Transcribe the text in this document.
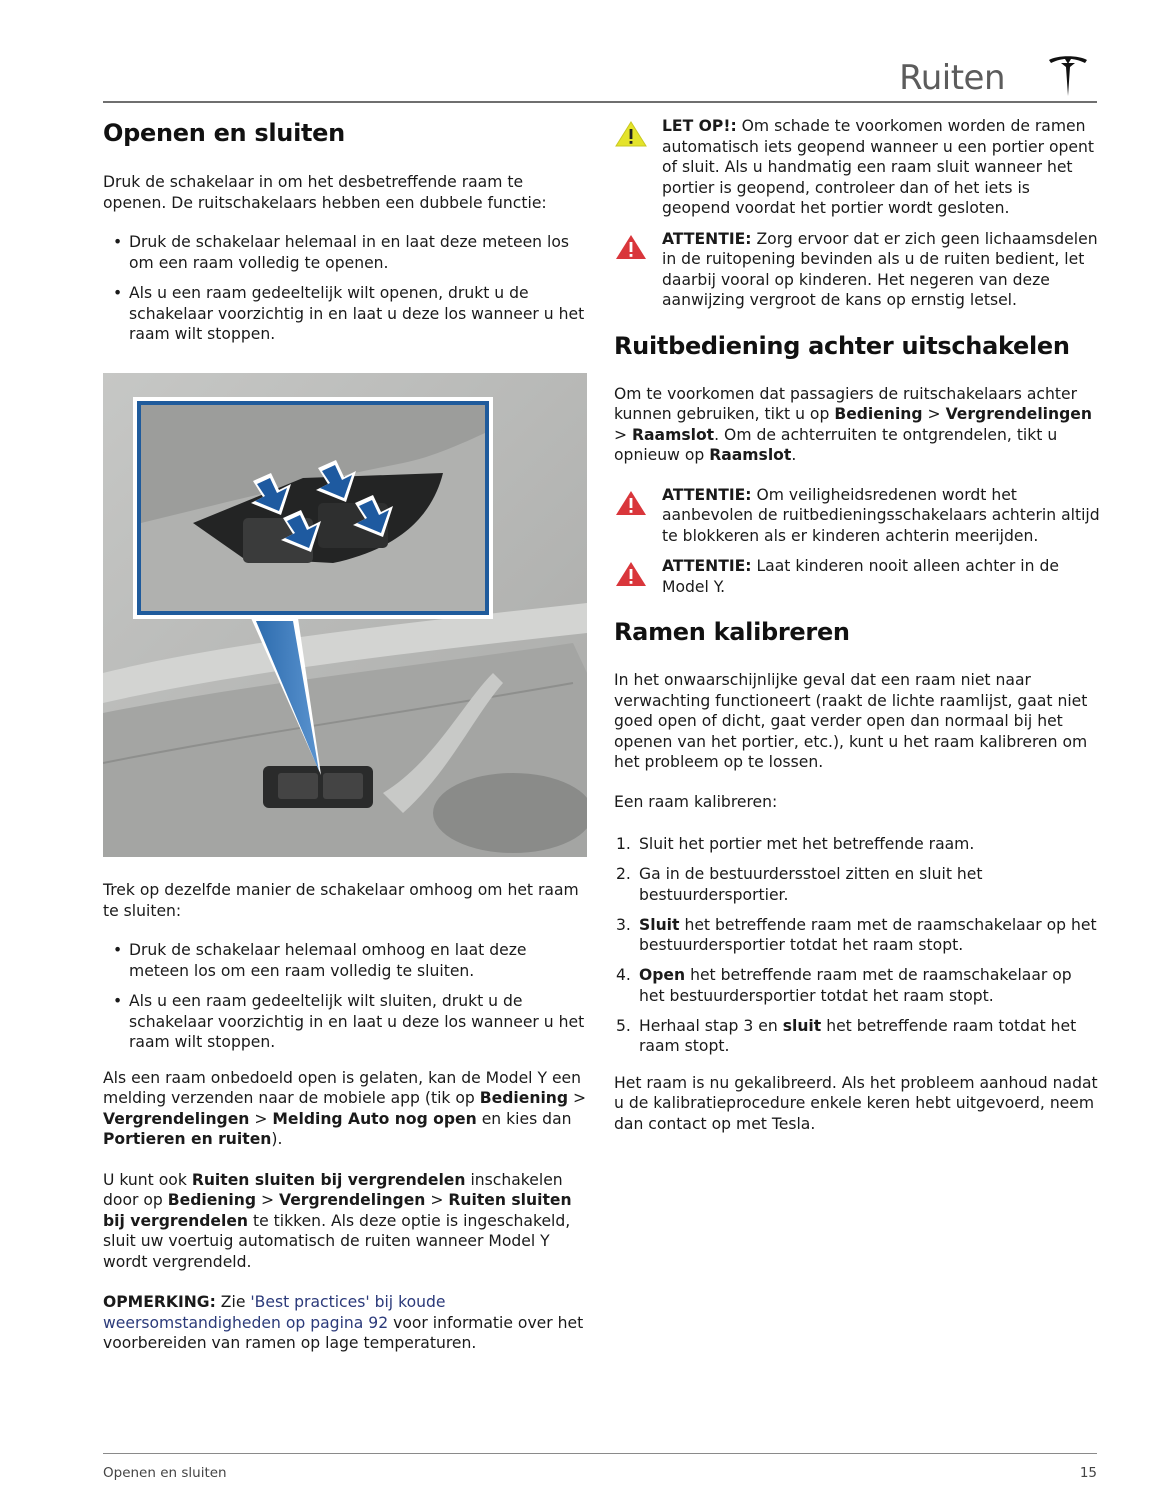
Ruiten
Openen en sluiten

Druk de schakelaar in om het desbetreffende raam te openen. De ruitschakelaars hebben een dubbele functie:

• Druk de schakelaar helemaal in en laat deze meteen los om een raam volledig te openen.
• Als u een raam gedeeltelijk wilt openen, drukt u de schakelaar voorzichtig in en laat u deze los wanneer u het raam wilt stoppen.

Trek op dezelfde manier de schakelaar omhoog om het raam te sluiten:

• Druk de schakelaar helemaal omhoog en laat deze meteen los om een raam volledig te sluiten.
• Als u een raam gedeeltelijk wilt sluiten, drukt u de schakelaar voorzichtig in en laat u deze los wanneer u het raam wilt stoppen.

Als een raam onbedoeld open is gelaten, kan de Model Y een melding verzenden naar de mobiele app (tik op Bediening > Vergrendelingen > Melding Auto nog open en kies dan Portieren en ruiten).

U kunt ook Ruiten sluiten bij vergrendelen inschakelen door op Bediening > Vergrendelingen > Ruiten sluiten bij vergrendelen te tikken. Als deze optie is ingeschakeld, sluit uw voertuig automatisch de ruiten wanneer Model Y wordt vergrendeld.

OPMERKING: Zie 'Best practices' bij koude weersomstandigheden op pagina 92 voor informatie over het voorbereiden van ramen op lage temperaturen.

LET OP!: Om schade te voorkomen worden de ramen automatisch iets geopend wanneer u een portier opent of sluit. Als u handmatig een raam sluit wanneer het portier is geopend, controleer dan of het iets is geopend voordat het portier wordt gesloten.
ATTENTIE: Zorg ervoor dat er zich geen lichaamsdelen in de ruitopening bevinden als u de ruiten bedient, let daarbij vooral op kinderen. Het negeren van deze aanwijzing vergroot de kans op ernstig letsel.
Ruitbediening achter uitschakelen

Om te voorkomen dat passagiers de ruitschakelaars achter kunnen gebruiken, tikt u op Bediening > Vergrendelingen > Raamslot. Om de achterruiten te ontgrendelen, tikt u opnieuw op Raamslot.

ATTENTIE: Om veiligheidsredenen wordt het aanbevolen de ruitbedieningsschakelaars achterin altijd te blokkeren als er kinderen achterin meerijden.
ATTENTIE: Laat kinderen nooit alleen achter in de Model Y.
Ramen kalibreren

In het onwaarschijnlijke geval dat een raam niet naar verwachting functioneert (raakt de lichte raamlijst, gaat niet goed open of dicht, gaat verder open dan normaal bij het openen van het portier, etc.), kunt u het raam kalibreren om het probleem op te lossen.

Een raam kalibreren:

1. Sluit het portier met het betreffende raam.
2. Ga in de bestuurdersstoel zitten en sluit het bestuurdersportier.
3. Sluit het betreffende raam met de raamschakelaar op het bestuurdersportier totdat het raam stopt.
4. Open het betreffende raam met de raamschakelaar op het bestuurdersportier totdat het raam stopt.
5. Herhaal stap 3 en sluit het betreffende raam totdat het raam stopt.

Het raam is nu gekalibreerd. Als het probleem aanhoud nadat u de kalibratieprocedure enkele keren hebt uitgevoerd, neem dan contact op met Tesla.

Openen en sluiten	15
